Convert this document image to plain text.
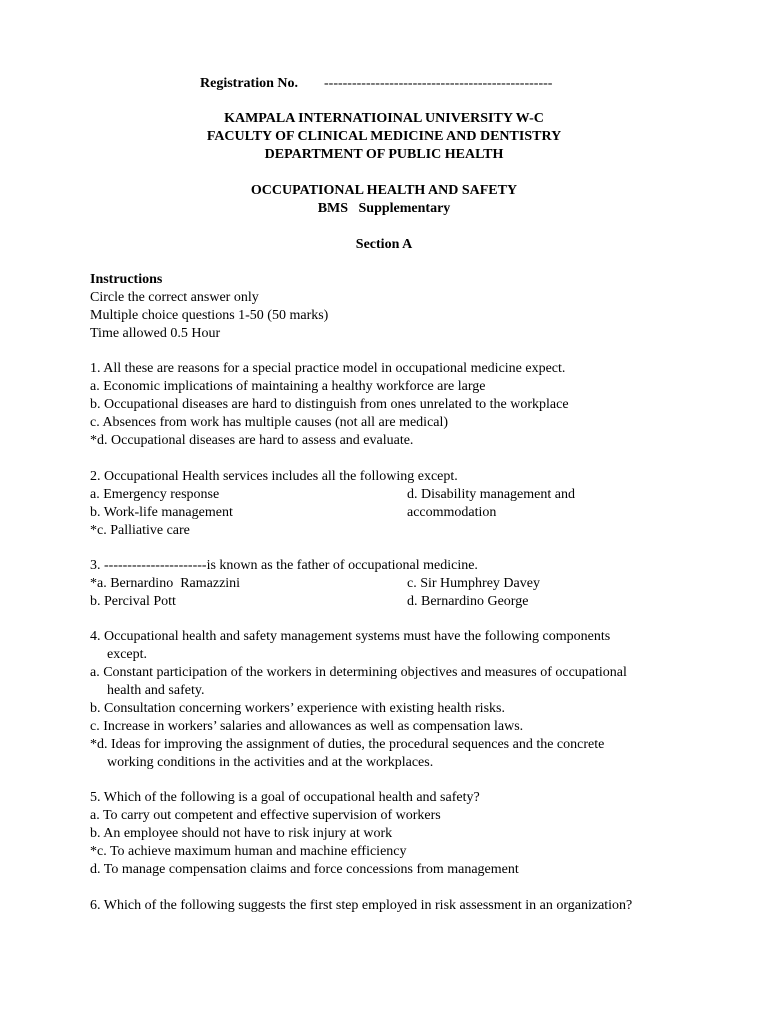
Registration No. -------------------------------------------------
KAMPALA INTERNATIOINAL UNIVERSITY W-C
FACULTY OF CLINICAL MEDICINE AND DENTISTRY
DEPARTMENT OF PUBLIC HEALTH
OCCUPATIONAL HEALTH AND SAFETY
BMS   Supplementary
Section A
Instructions
Circle the correct answer only
Multiple choice questions 1-50 (50 marks)
Time allowed 0.5 Hour
1. All these are reasons for a special practice model in occupational medicine expect.
a. Economic implications of maintaining a healthy workforce are large
b. Occupational diseases are hard to distinguish from ones unrelated to the workplace
c. Absences from work has multiple causes (not all are medical)
*d. Occupational diseases are hard to assess and evaluate.
2. Occupational Health services includes all the following except.
a. Emergency response	d. Disability management and
b. Work-life management	accommodation
*c. Palliative care
3. ----------------------is known as the father of occupational medicine.
*a. Bernardino  Ramazzini	c. Sir Humphrey Davey
b. Percival Pott	d. Bernardino George
4. Occupational health and safety management systems must have the following components
except.
a. Constant participation of the workers in determining objectives and measures of occupational
health and safety.
b. Consultation concerning workers’ experience with existing health risks.
c. Increase in workers’ salaries and allowances as well as compensation laws.
*d. Ideas for improving the assignment of duties, the procedural sequences and the concrete
working conditions in the activities and at the workplaces.
5. Which of the following is a goal of occupational health and safety?
a. To carry out competent and effective supervision of workers
b. An employee should not have to risk injury at work
*c. To achieve maximum human and machine efficiency
d. To manage compensation claims and force concessions from management
6. Which of the following suggests the first step employed in risk assessment in an organization?
